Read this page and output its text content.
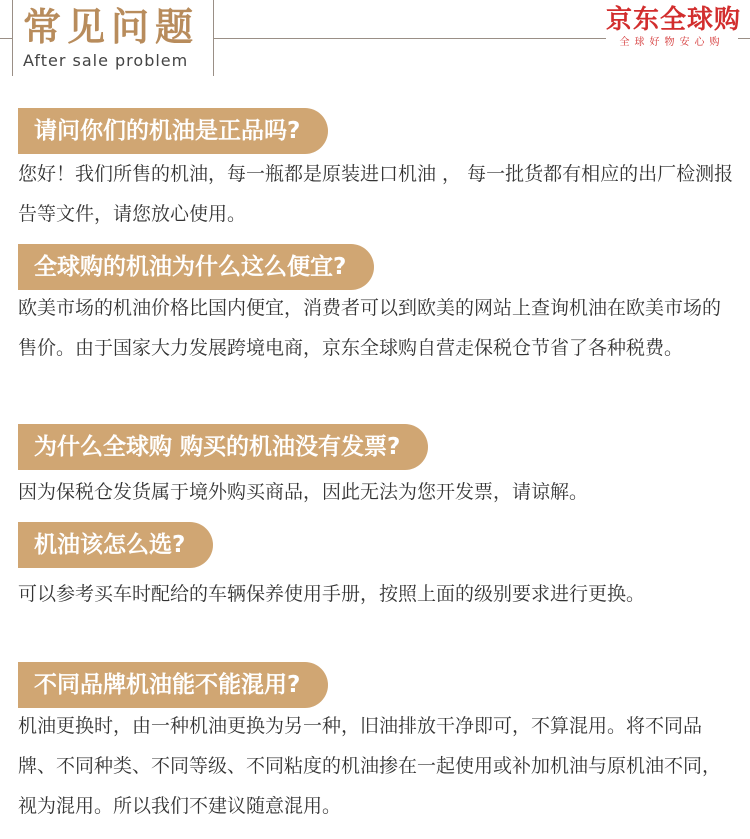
常见问题
After sale problem
京东全球购
全球好物安心购
请问你们的机油是正品吗?

您好！我们所售的机油，每一瓶都是原装进口机油 ， 每一批货都有相应的出厂检测报告等文件，请您放心使用。

全球购的机油为什么这么便宜?

欧美市场的机油价格比国内便宜，消费者可以到欧美的网站上查询机油在欧美市场的售价。由于国家大力发展跨境电商，京东全球购自营走保税仓节省了各种税费。

为什么全球购 购买的机油没有发票?

因为保税仓发货属于境外购买商品，因此无法为您开发票，请谅解。

机油该怎么选?

可以参考买车时配给的车辆保养使用手册，按照上面的级别要求进行更换。

不同品牌机油能不能混用?

机油更换时，由一种机油更换为另一种，旧油排放干净即可，不算混用。将不同品牌、不同种类、不同等级、不同粘度的机油掺在一起使用或补加机油与原机油不同，视为混用。所以我们不建议随意混用。
